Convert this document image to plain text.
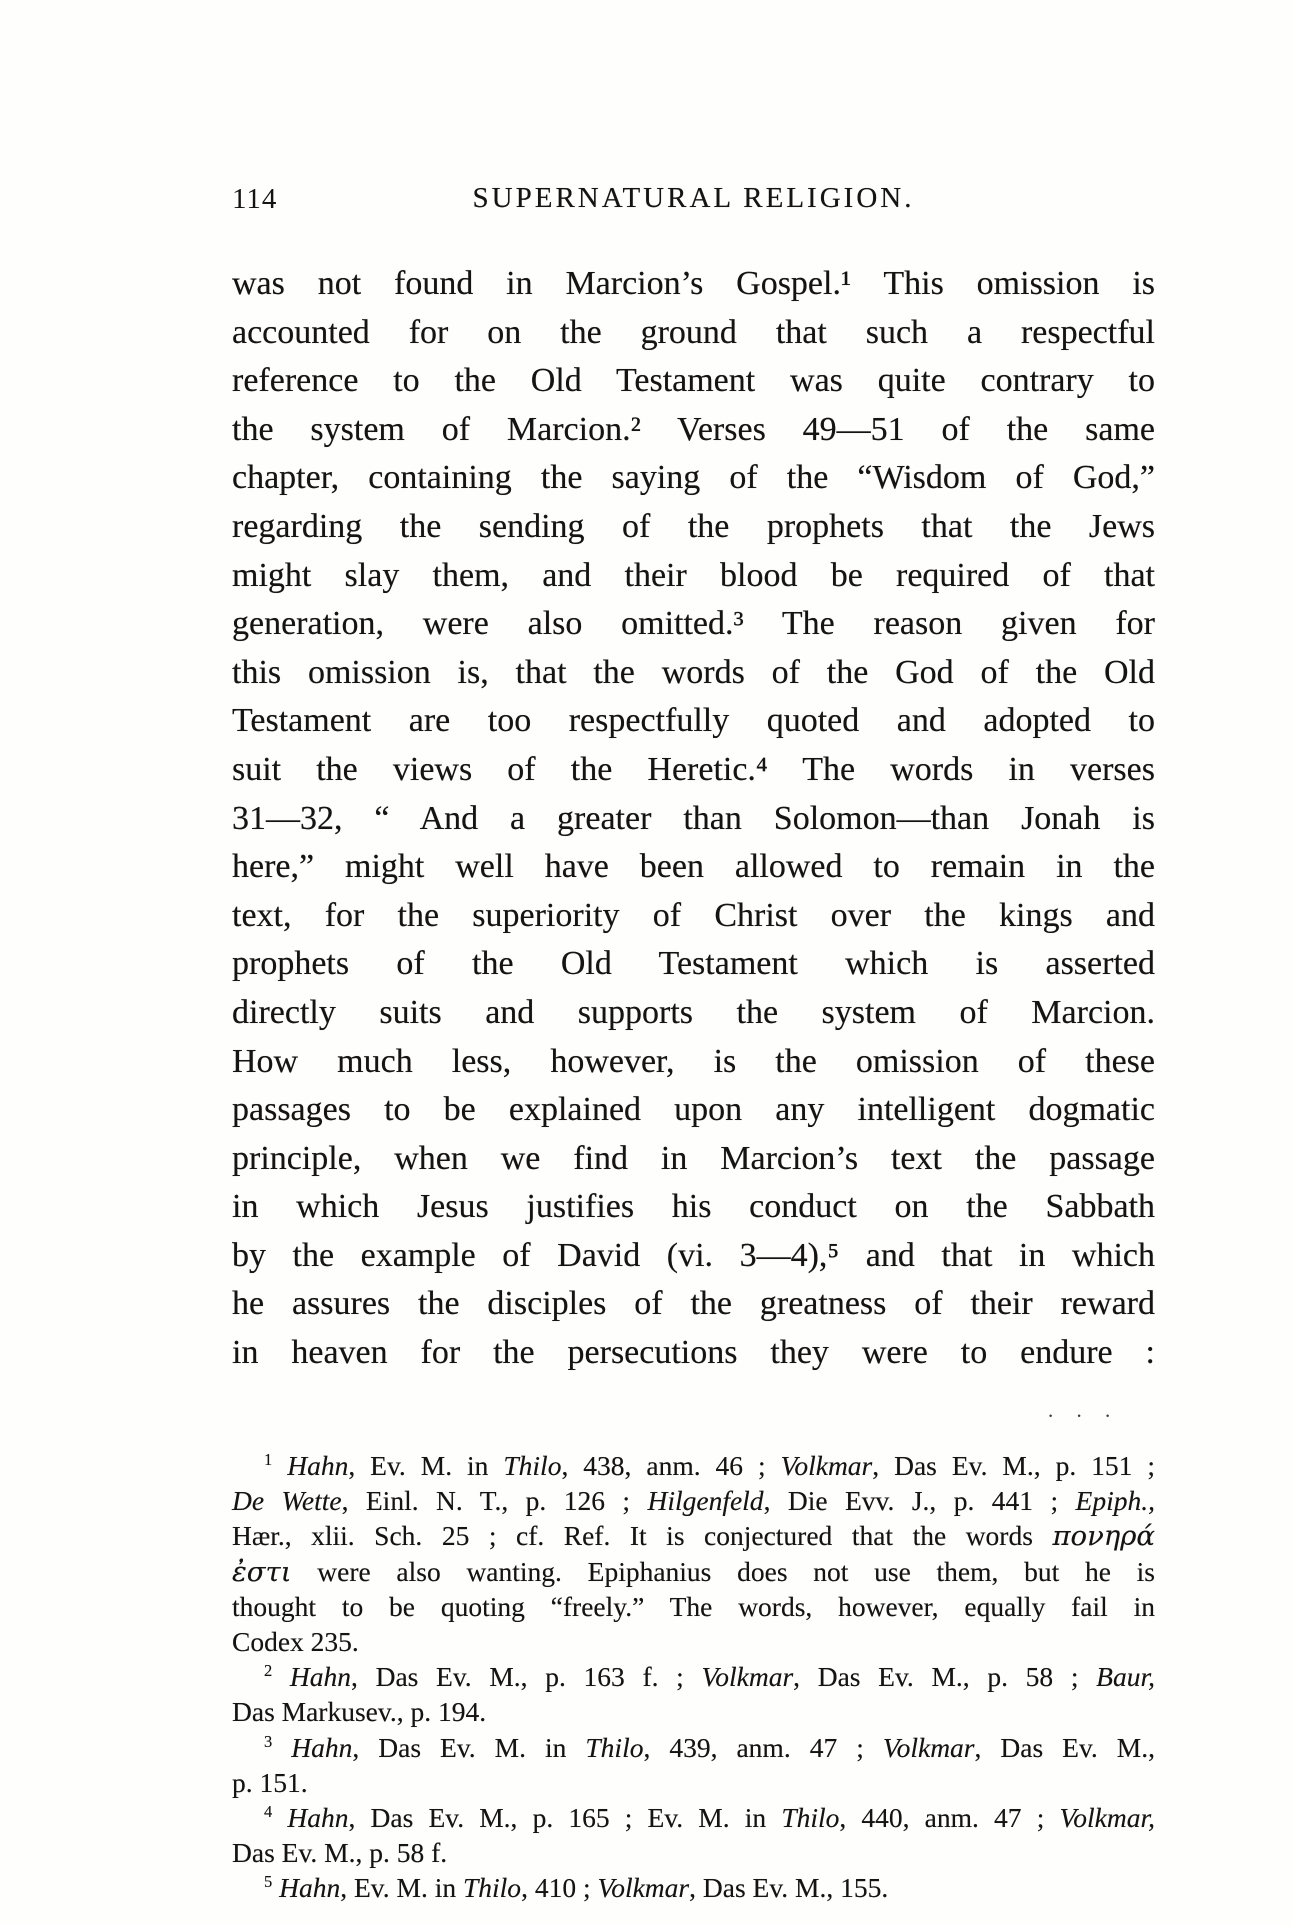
114	SUPERNATURAL RELIGION.
was not found in Marcion’s Gospel.¹ This omission is
accounted for on the ground that such a respectful
reference to the Old Testament was quite contrary to
the system of Marcion.² Verses 49—51 of the same
chapter, containing the saying of the “Wisdom of God,”
regarding the sending of the prophets that the Jews
might slay them, and their blood be required of that
generation, were also omitted.³ The reason given for
this omission is, that the words of the God of the Old
Testament are too respectfully quoted and adopted to
suit the views of the Heretic.⁴ The words in verses
31—32, “ And a greater than Solomon—than Jonah is
here,” might well have been allowed to remain in the
text, for the superiority of Christ over the kings and
prophets of the Old Testament which is asserted
directly suits and supports the system of Marcion.
How much less, however, is the omission of these
passages to be explained upon any intelligent dogmatic
principle, when we find in Marcion’s text the passage
in which Jesus justifies his conduct on the Sabbath
by the example of David (vi. 3—4),⁵ and that in which
he assures the disciples of the greatness of their reward
in heaven for the persecutions they were to endure :
. . .
$^1$ Hahn, Ev. M. in Thilo, 438, anm. 46 ; Volkmar, Das Ev. M., p. 151 ;
De Wette, Einl. N. T., p. 126 ; Hilgenfeld, Die Evv. J., p. 441 ; Epiph.,
Hær., xlii. Sch. 25 ; cf. Ref. It is conjectured that the words πονηρά
ἐστι were also wanting. Epiphanius does not use them, but he is
thought to be quoting “freely.” The words, however, equally fail in
Codex 235.
$^2$ Hahn, Das Ev. M., p. 163 f. ; Volkmar, Das Ev. M., p. 58 ; Baur,
Das Markusev., p. 194.
$^3$ Hahn, Das Ev. M. in Thilo, 439, anm. 47 ; Volkmar, Das Ev. M.,
p. 151.
$^4$ Hahn, Das Ev. M., p. 165 ; Ev. M. in Thilo, 440, anm. 47 ; Volkmar,
Das Ev. M., p. 58 f.
$^5$ Hahn, Ev. M. in Thilo, 410 ; Volkmar, Das Ev. M., 155.
